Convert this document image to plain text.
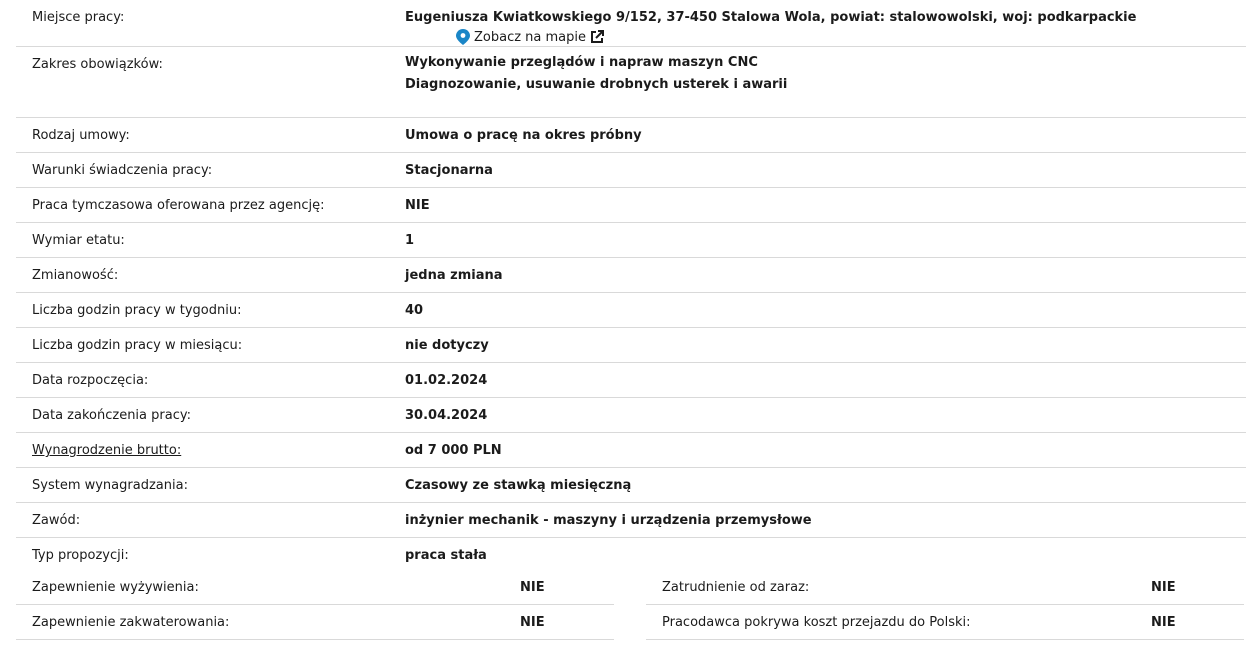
Miejsce pracy:	Eugeniusza Kwiatkowskiego 9/152, 37-450 Stalowa Wola, powiat: stalowowolski, woj: podkarpackie
Zobacz na mapie
Zakres obowiązków:	Wykonywanie przeglądów i napraw maszyn CNC
Diagnozowanie, usuwanie drobnych usterek i awarii
Rodzaj umowy:	Umowa o pracę na okres próbny
Warunki świadczenia pracy:	Stacjonarna
Praca tymczasowa oferowana przez agencję:	NIE
Wymiar etatu:	1
Zmianowość:	jedna zmiana
Liczba godzin pracy w tygodniu:	40
Liczba godzin pracy w miesiącu:	nie dotyczy
Data rozpoczęcia:	01.02.2024
Data zakończenia pracy:	30.04.2024
Wynagrodzenie brutto:	od 7 000 PLN
System wynagradzania:	Czasowy ze stawką miesięczną
Zawód:	inżynier mechanik - maszyny i urządzenia przemysłowe
Typ propozycji:	praca stała
Zapewnienie wyżywienia:	NIE
Zapewnienie zakwaterowania:	NIE
Zatrudnienie od zaraz:	NIE
Pracodawca pokrywa koszt przejazdu do Polski:	NIE
